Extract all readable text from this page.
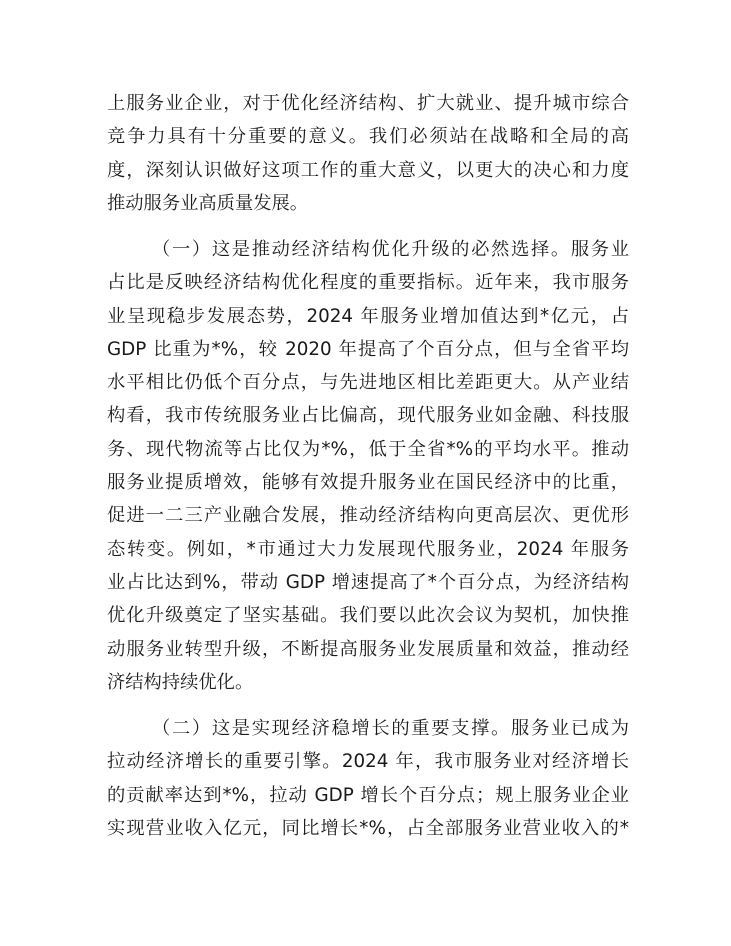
上服务业企业，对于优化经济结构、扩大就业、提升城市综合
竞争力具有十分重要的意义。我们必须站在战略和全局的高
度，深刻认识做好这项工作的重大意义，以更大的决心和力度
推动服务业高质量发展。
（一）这是推动经济结构优化升级的必然选择。服务业
占比是反映经济结构优化程度的重要指标。近年来，我市服务
业呈现稳步发展态势，2024 年服务业增加值达到*亿元，占
GDP 比重为*%，较 2020 年提高了个百分点，但与全省平均
水平相比仍低个百分点，与先进地区相比差距更大。从产业结
构看，我市传统服务业占比偏高，现代服务业如金融、科技服
务、现代物流等占比仅为*%，低于全省*%的平均水平。推动
服务业提质增效，能够有效提升服务业在国民经济中的比重，
促进一二三产业融合发展，推动经济结构向更高层次、更优形
态转变。例如，*市通过大力发展现代服务业，2024 年服务
业占比达到%，带动 GDP 增速提高了*个百分点，为经济结构
优化升级奠定了坚实基础。我们要以此次会议为契机，加快推
动服务业转型升级，不断提高服务业发展质量和效益，推动经
济结构持续优化。
（二）这是实现经济稳增长的重要支撑。服务业已成为
拉动经济增长的重要引擎。2024 年，我市服务业对经济增长
的贡献率达到*%，拉动 GDP 增长个百分点；规上服务业企业
实现营业收入亿元，同比增长*%，占全部服务业营业收入的*
